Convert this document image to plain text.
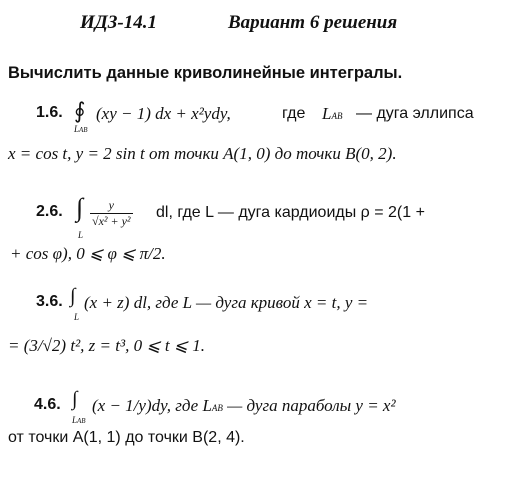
ИДЗ-14.1	Вариант 6 решения
Вычислить данные криволинейные интегралы.
1.6. ∮
LAB
(xy − 1) dx + x²ydy,	где LAB — дуга эллипса
x = cos t, y = 2 sin t от точки A(1, 0) до точки B(0, 2).
2.6. ∫
L
$\frac{y}{\text{√x² + y²}}$ dl, где L — дуга кардиоиды ρ = 2(1 +
+ cos φ), 0 ⩽ φ ⩽ π/2.
3.6. ∫
L
(x + z) dl, где L — дуга кривой x = t, y =
= (3/√2) t², z = t³, 0 ⩽ t ⩽ 1.
4.6. ∫
LAB
(x − 1/y)dy, где LAB — дуга параболы y = x²
от точки A(1, 1) до точки B(2, 4).
